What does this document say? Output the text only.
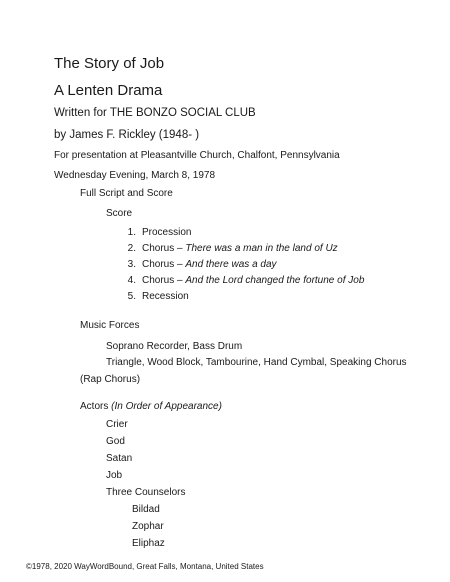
The Story of Job
A Lenten Drama
Written for THE BONZO SOCIAL CLUB
by James F. Rickley (1948- )
For presentation at Pleasantville Church, Chalfont, Pennsylvania
Wednesday Evening, March 8, 1978
Full Script and Score
Score
1. Procession
2. Chorus – There was a man in the land of Uz
3. Chorus – And there was a day
4. Chorus – And the Lord changed the fortune of Job
5. Recession
Music Forces
Soprano Recorder, Bass Drum
Triangle, Wood Block, Tambourine, Hand Cymbal, Speaking Chorus
(Rap Chorus)
Actors (In Order of Appearance)
Crier
God
Satan
Job
Three Counselors
Bildad
Zophar
Eliphaz
©1978, 2020 WayWordBound, Great Falls, Montana, United States
